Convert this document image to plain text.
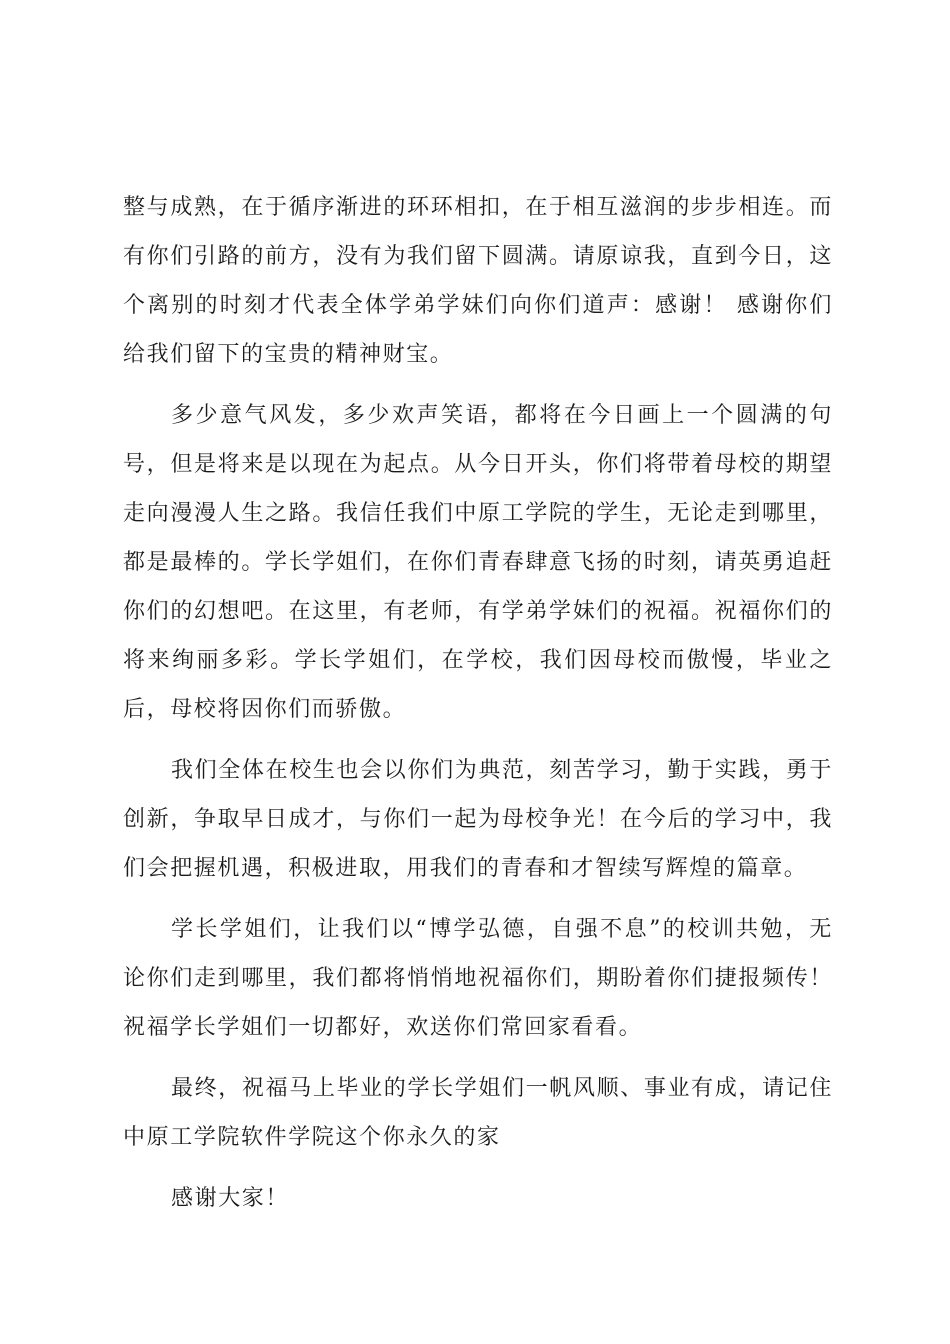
整与成熟，在于循序渐进的环环相扣，在于相互滋润的步步相连。而有你们引路的前方，没有为我们留下圆满。请原谅我，直到今日，这个离别的时刻才代表全体学弟学妹们向你们道声：感谢！ 感谢你们给我们留下的宝贵的精神财宝。

多少意气风发，多少欢声笑语，都将在今日画上一个圆满的句号，但是将来是以现在为起点。从今日开头，你们将带着母校的期望走向漫漫人生之路。我信任我们中原工学院的学生，无论走到哪里，都是最棒的。学长学姐们，在你们青春肆意飞扬的时刻，请英勇追赶你们的幻想吧。在这里，有老师，有学弟学妹们的祝福。祝福你们的将来绚丽多彩。学长学姐们，在学校，我们因母校而傲慢，毕业之后，母校将因你们而骄傲。

我们全体在校生也会以你们为典范，刻苦学习，勤于实践，勇于创新，争取早日成才，与你们一起为母校争光！在今后的学习中，我们会把握机遇，积极进取，用我们的青春和才智续写辉煌的篇章。

学长学姐们，让我们以“博学弘德，自强不息”的校训共勉，无论你们走到哪里，我们都将悄悄地祝福你们，期盼着你们捷报频传！祝福学长学姐们一切都好，欢送你们常回家看看。

最终，祝福马上毕业的学长学姐们一帆风顺、事业有成，请记住中原工学院软件学院这个你永久的家

感谢大家！
